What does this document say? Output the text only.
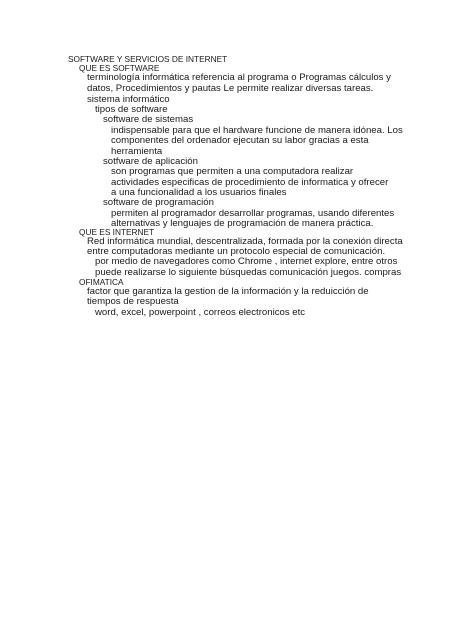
SOFTWARE Y SERVICIOS DE INTERNET
QUE ES SOFTWARE
terminología informática referencia al programa o Programas cálculos y
datos, Procedimientos y pautas Le permite realizar diversas tareas.
sistema informático
tipos de software
software de sistemas
indispensable para que el hardware funcione de manera idónea. Los
componentes del ordenador ejecutan su labor gracias a esta
herramienta
sotfware de aplicación
son programas que permiten a una computadora realizar
actividades especificas de procedimiento de informatica y ofrecer
a una funcionalidad a los usuarios finales
software de programación
permiten al programador desarrollar programas, usando diferentes
alternativas y lenguajes de programación de manera práctica.
QUE ES INTERNET
Red informática mundial, descentralizada, formada por la conexión directa
entre computadoras mediante un protocolo especial de comunicación.
por medio de navegadores como Chrome , internet explore, entre otros
puede realizarse lo siguiente búsquedas comunicación juegos. compras
OFIMATICA
factor que garantiza la gestion de la información y la reduicción de
tiempos de respuesta
word, excel, powerpoint , correos electronicos etc
